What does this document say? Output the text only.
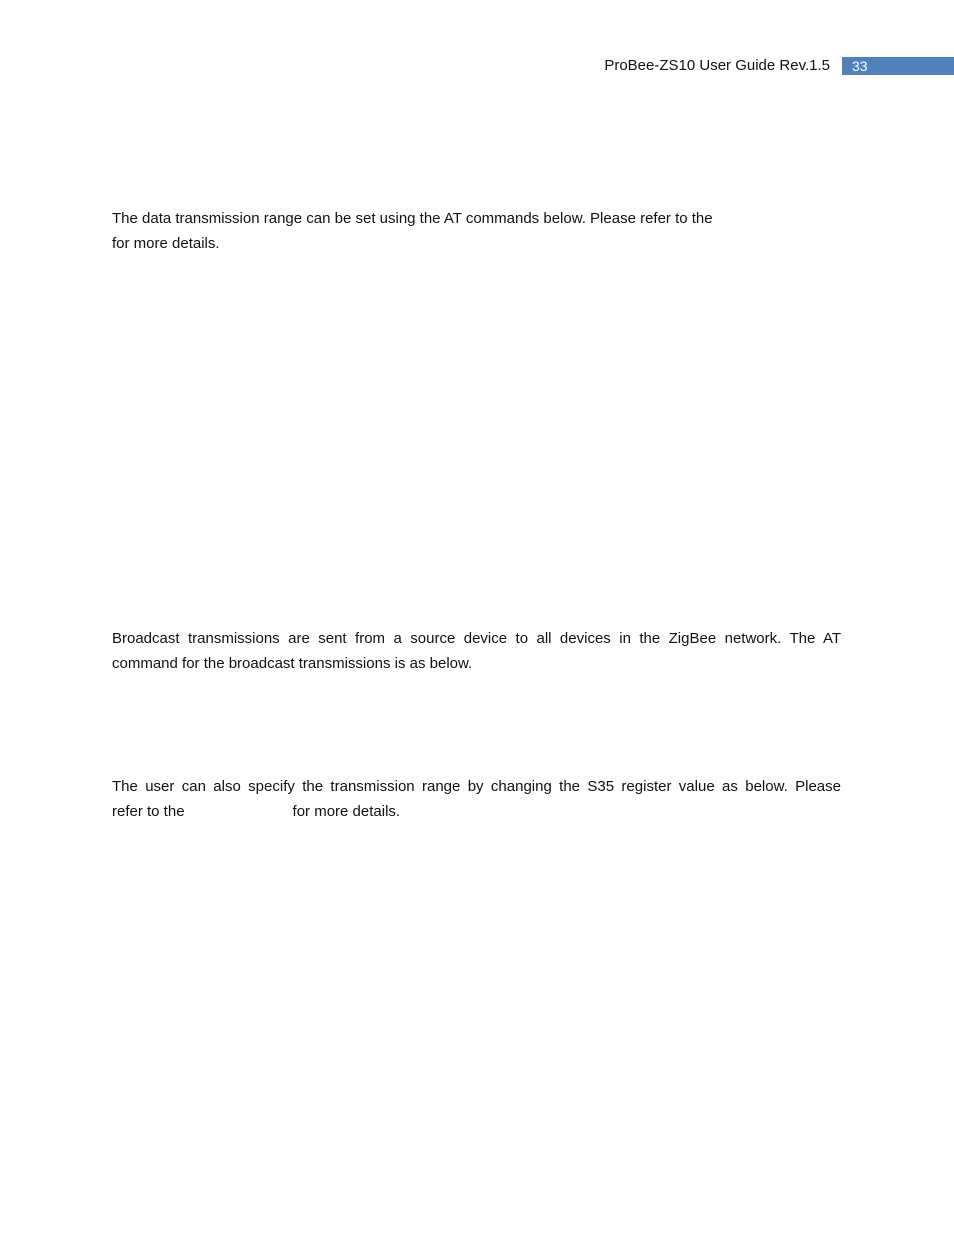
ProBee-ZS10 User Guide Rev.1.5	33

The data transmission range can be set using the AT commands below. Please refer to the
for more details.

Broadcast transmissions are sent from a source device to all devices in the ZigBee network. The AT
command for the broadcast transmissions is as below.

The user can also specify the transmission range by changing the S35 register value as below. Please
refer to the	for more details.
